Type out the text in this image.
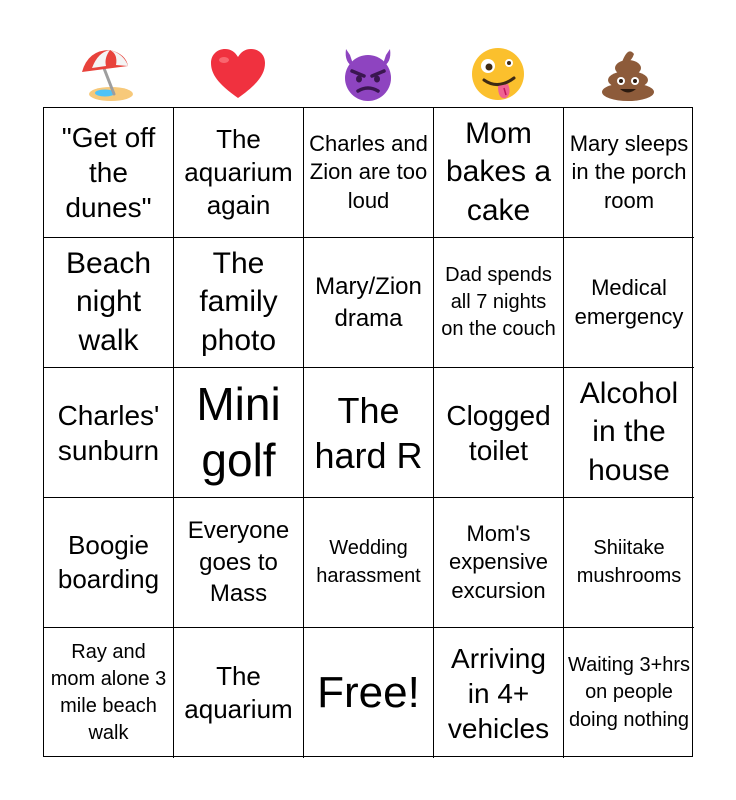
"Get off the dunes"
The aquarium again
Charles and Zion are too loud
Mom bakes a cake
Mary sleeps in the porch room
Beach night walk
The family photo
Mary/Zion drama
Dad spends all 7 nights on the couch
Medical emergency
Charles' sunburn
Mini golf
The hard R
Clogged toilet
Alcohol in the house
Boogie boarding
Everyone goes to Mass
Wedding harassment
Mom's expensive excursion
Shiitake mushrooms
Ray and mom alone 3 mile beach walk
The aquarium Free!
Arriving in 4+ vehicles
Waiting 3+hrs on people doing nothing
